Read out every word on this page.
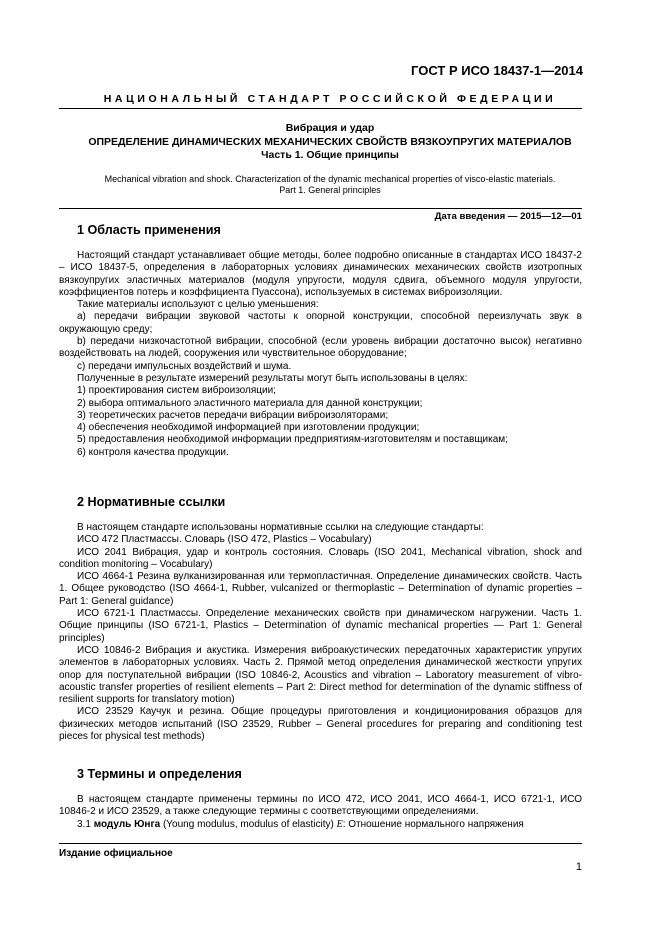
ГОСТ Р ИСО 18437-1—2014
НАЦИОНАЛЬНЫЙ СТАНДАРТ РОССИЙСКОЙ ФЕДЕРАЦИИ
Вибрация и удар
ОПРЕДЕЛЕНИЕ ДИНАМИЧЕСКИХ МЕХАНИЧЕСКИХ СВОЙСТВ ВЯЗКОУПРУГИХ МАТЕРИАЛОВ
Часть 1. Общие принципы
Mechanical vibration and shock. Characterization of the dynamic mechanical properties of visco-elastic materials.
Part 1. General principles
Дата введения — 2015—12—01
1 Область применения

Настоящий стандарт устанавливает общие методы, более подробно описанные в стандартах ИСО 18437-2 – ИСО 18437-5, определения в лабораторных условиях динамических механических свойств изотропных вязкоупругих эластичных материалов (модуля упругости, модуля сдвига, объемного модуля упругости, коэффициентов потерь и коэффициента Пуассона), используемых в системах виброизоляции.

Такие материалы используют с целью уменьшения:

а) передачи вибрации звуковой частоты к опорной конструкции, способной переизлучать звук в окружающую среду;

b) передачи низкочастотной вибрации, способной (если уровень вибрации достаточно высок) негативно воздействовать на людей, сооружения или чувствительное оборудование;

с) передачи импульсных воздействий и шума.

Полученные в результате измерений результаты могут быть использованы в целях:

1) проектирования систем виброизоляции;

2) выбора оптимального эластичного материала для данной конструкции;

3) теоретических расчетов передачи вибрации виброизоляторами;

4) обеспечения необходимой информацией при изготовлении продукции;

5) предоставления необходимой информации предприятиям-изготовителям и поставщикам;

6) контроля качества продукции.

2 Нормативные ссылки

В настоящем стандарте использованы нормативные ссылки на следующие стандарты:

ИСО 472 Пластмассы. Словарь (ISO 472, Plastics – Vocabulary)

ИСО 2041 Вибрация, удар и контроль состояния. Словарь (ISO 2041, Mechanical vibration, shock and condition monitoring – Vocabulary)

ИСО 4664-1 Резина вулканизированная или термопластичная. Определение динамических свойств. Часть 1. Общее руководство (ISO 4664-1, Rubber, vulcanized or thermoplastic – Determination of dynamic properties – Part 1: General guidance)

ИСО 6721-1 Пластмассы. Определение механических свойств при динамическом нагружении. Часть 1. Общие принципы (ISO 6721-1, Plastics – Determination of dynamic mechanical properties — Part 1: General principles)

ИСО 10846-2 Вибрация и акустика. Измерения виброакустических передаточных характеристик упругих элементов в лабораторных условиях. Часть 2. Прямой метод определения динамической жесткости упругих опор для поступательной вибрации (ISO 10846-2, Acoustics and vibration – Laboratory measurement of vibro-acoustic transfer properties of resilient elements – Part 2: Direct method for determination of the dynamic stiffness of resilient supports for translatory motion)

ИСО 23529 Каучук и резина. Общие процедуры приготовления и кондиционирования образцов для физических методов испытаний (ISO 23529, Rubber – General procedures for preparing and conditioning test pieces for physical test methods)

3 Термины и определения

В настоящем стандарте применены термины по ИСО 472, ИСО 2041, ИСО 4664-1, ИСО 6721-1, ИСО 10846-2 и ИСО 23529, а также следующие термины с соответствующими определениями.

3.1 модуль Юнга (Young modulus, modulus of elasticity) E: Отношение нормального напряжения

Издание официальное
1
